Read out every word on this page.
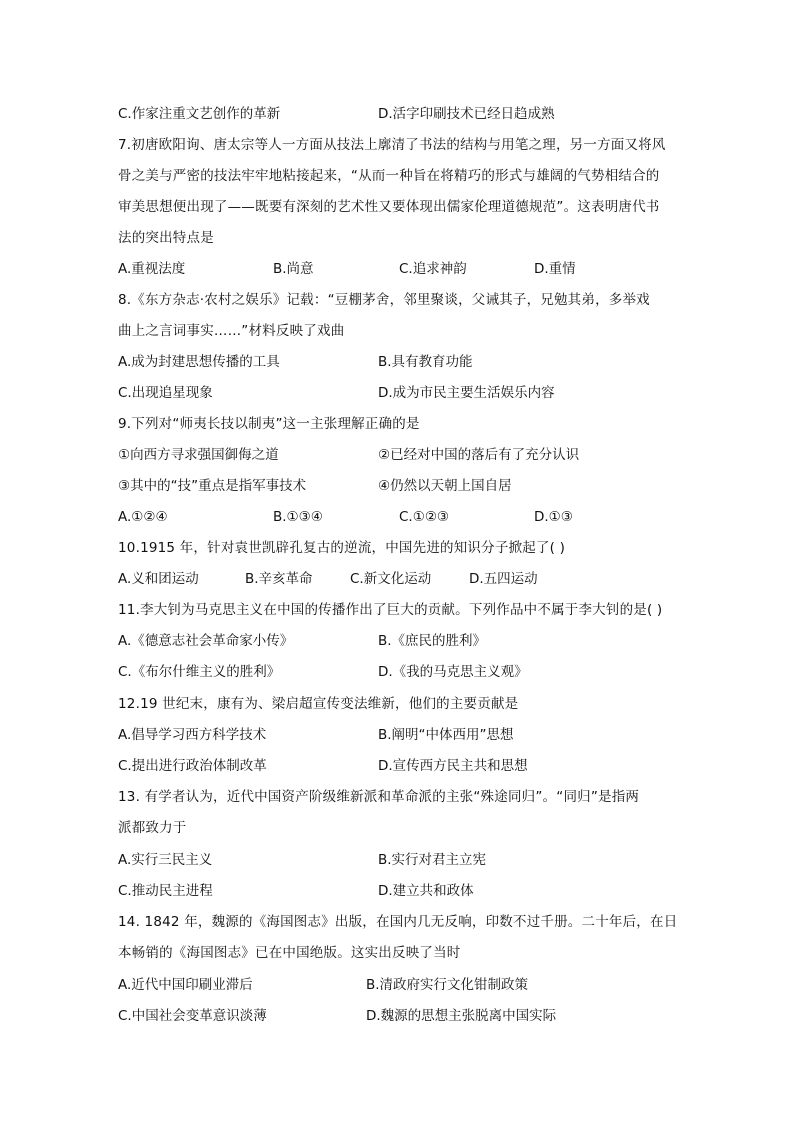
C.作家注重文艺创作的革新	D.活字印刷技术已经日趋成熟
7.初唐欧阳询、唐太宗等人一方面从技法上廓清了书法的结构与用笔之理，另一方面又将风
骨之美与严密的技法牢牢地粘接起来，“从而一种旨在将精巧的形式与雄阔的气势相结合的
审美思想便出现了——既要有深刻的艺术性又要体现出儒家伦理道德规范”。这表明唐代书
法的突出特点是
A.重视法度	B.尚意	C.追求神韵	D.重情
8.《东方杂志·农村之娱乐》记载：“豆棚茅舍，邻里聚谈，父诫其子，兄勉其弟，多举戏
曲上之言词事实……”材料反映了戏曲
A.成为封建思想传播的工具	B.具有教育功能
C.出现追星现象	D.成为市民主要生活娱乐内容
9.下列对“师夷长技以制夷”这一主张理解正确的是
①向西方寻求强国御侮之道	②已经对中国的落后有了充分认识
③其中的“技”重点是指军事技术	④仍然以天朝上国自居
A.①②④	B.①③④	C.①②③	D.①③
10.1915 年，针对袁世凯辟孔复古的逆流，中国先进的知识分子掀起了( )
A.义和团运动	B.辛亥革命	C.新文化运动	D.五四运动
11.李大钊为马克思主义在中国的传播作出了巨大的贡献。下列作品中不属于李大钊的是( )
A.《德意志社会革命家小传》	B.《庶民的胜利》
C.《布尔什维主义的胜利》	D.《我的马克思主义观》
12.19 世纪末，康有为、梁启超宣传变法维新，他们的主要贡献是
A.倡导学习西方科学技术	B.阐明“中体西用”思想
C.提出进行政治体制改革	D.宣传西方民主共和思想
13. 有学者认为，近代中国资产阶级维新派和革命派的主张“殊途同归”。“同归”是指两
派都致力于
A.实行三民主义	B.实行对君主立宪
C.推动民主进程	D.建立共和政体
14. 1842 年，魏源的《海国图志》出版，在国内几无反响，印数不过千册。二十年后，在日
本畅销的《海国图志》已在中国绝版。这实出反映了当时
A.近代中国印刷业滞后	B.清政府实行文化钳制政策
C.中国社会变革意识淡薄	D.魏源的思想主张脱离中国实际
